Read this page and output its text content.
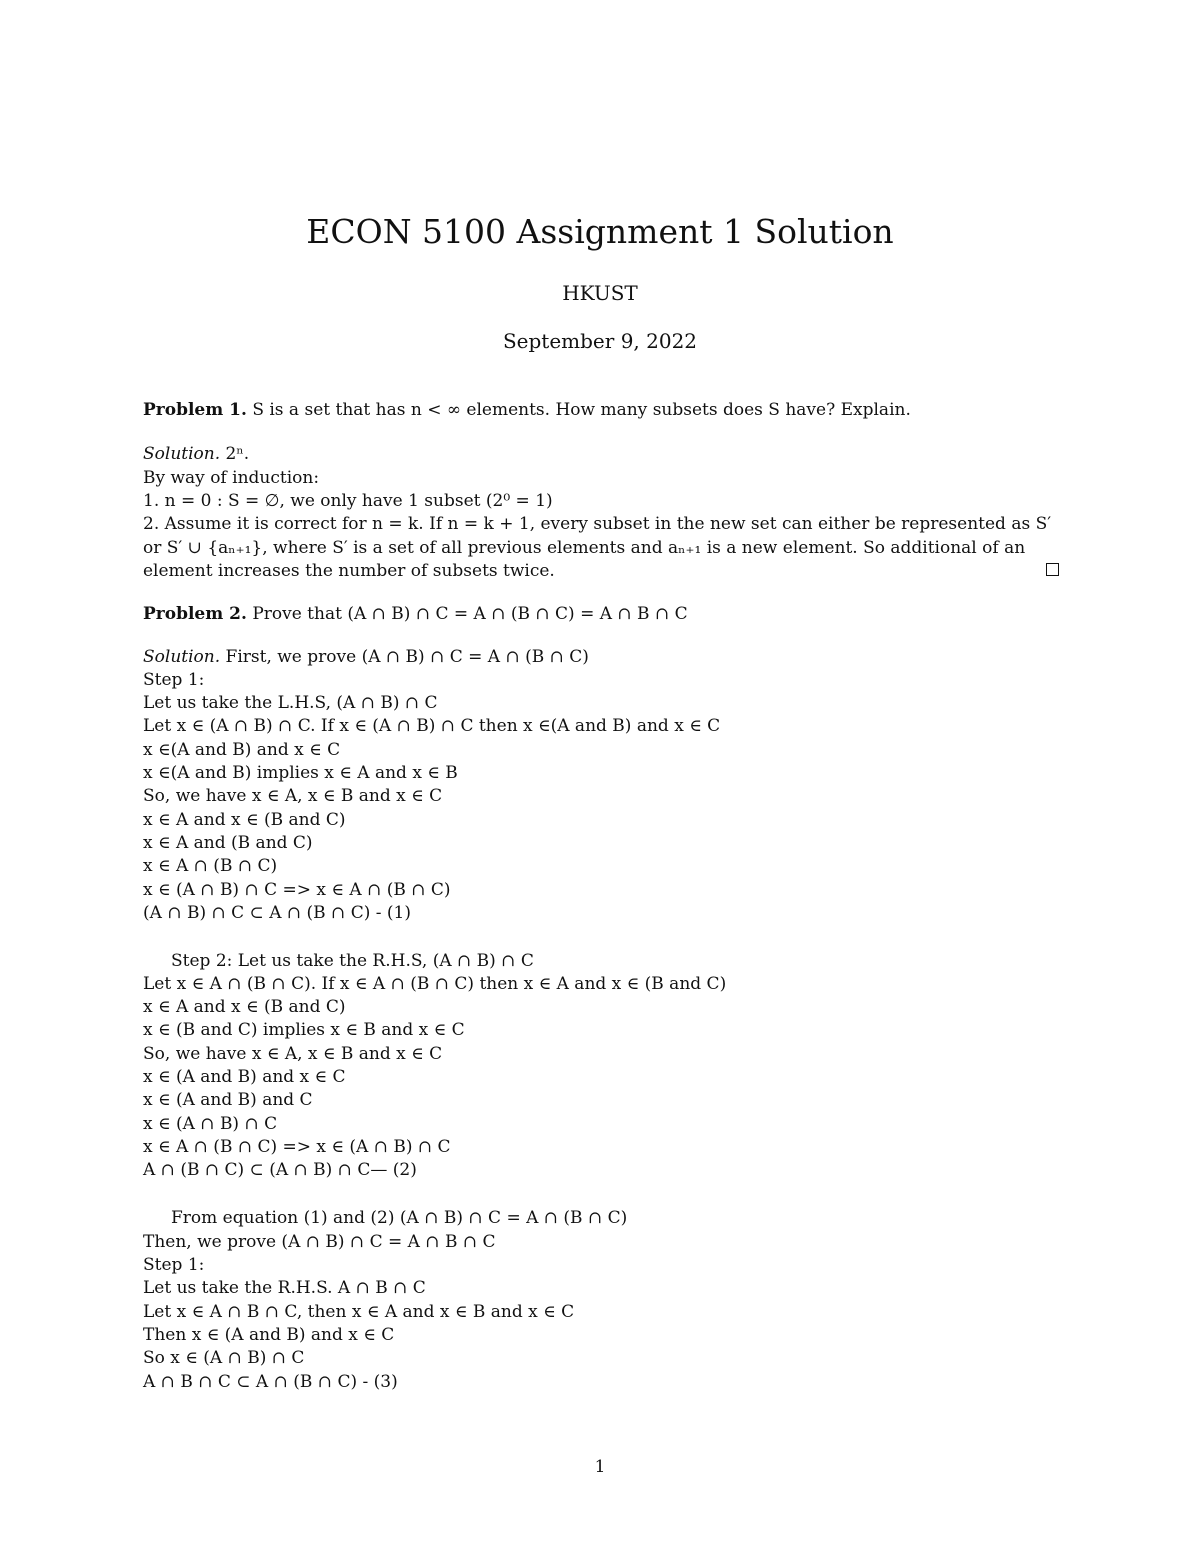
ECON 5100 Assignment 1 Solution
HKUST
September 9, 2022
Problem 1. S is a set that has n < ∞ elements. How many subsets does S have? Explain.
Solution. 2ⁿ.
By way of induction:
1. n = 0 : S = ∅, we only have 1 subset (2⁰ = 1)
2. Assume it is correct for n = k. If n = k + 1, every subset in the new set can either be represented as S′
or S′ ∪ {aₙ₊₁}, where S′ is a set of all previous elements and aₙ₊₁ is a new element. So additional of an
element increases the number of subsets twice.
Problem 2. Prove that (A ∩ B) ∩ C = A ∩ (B ∩ C) = A ∩ B ∩ C
Solution. First, we prove (A ∩ B) ∩ C = A ∩ (B ∩ C)
Step 1:
Let us take the L.H.S, (A ∩ B) ∩ C
Let x ∈ (A ∩ B) ∩ C. If x ∈ (A ∩ B) ∩ C then x ∈(A and B) and x ∈ C
x ∈(A and B) and x ∈ C
x ∈(A and B) implies x ∈ A and x ∈ B
So, we have x ∈ A, x ∈ B and x ∈ C
x ∈ A and x ∈ (B and C)
x ∈ A and (B and C)
x ∈ A ∩ (B ∩ C)
x ∈ (A ∩ B) ∩ C => x ∈ A ∩ (B ∩ C)
(A ∩ B) ∩ C ⊂ A ∩ (B ∩ C) - (1)
Step 2: Let us take the R.H.S, (A ∩ B) ∩ C
Let x ∈ A ∩ (B ∩ C). If x ∈ A ∩ (B ∩ C) then x ∈ A and x ∈ (B and C)
x ∈ A and x ∈ (B and C)
x ∈ (B and C) implies x ∈ B and x ∈ C
So, we have x ∈ A, x ∈ B and x ∈ C
x ∈ (A and B) and x ∈ C
x ∈ (A and B) and C
x ∈ (A ∩ B) ∩ C
x ∈ A ∩ (B ∩ C) => x ∈ (A ∩ B) ∩ C
A ∩ (B ∩ C) ⊂ (A ∩ B) ∩ C— (2)
From equation (1) and (2) (A ∩ B) ∩ C = A ∩ (B ∩ C)
Then, we prove (A ∩ B) ∩ C = A ∩ B ∩ C
Step 1:
Let us take the R.H.S. A ∩ B ∩ C
Let x ∈ A ∩ B ∩ C, then x ∈ A and x ∈ B and x ∈ C
Then x ∈ (A and B) and x ∈ C
So x ∈ (A ∩ B) ∩ C
A ∩ B ∩ C ⊂ A ∩ (B ∩ C) - (3)
1
